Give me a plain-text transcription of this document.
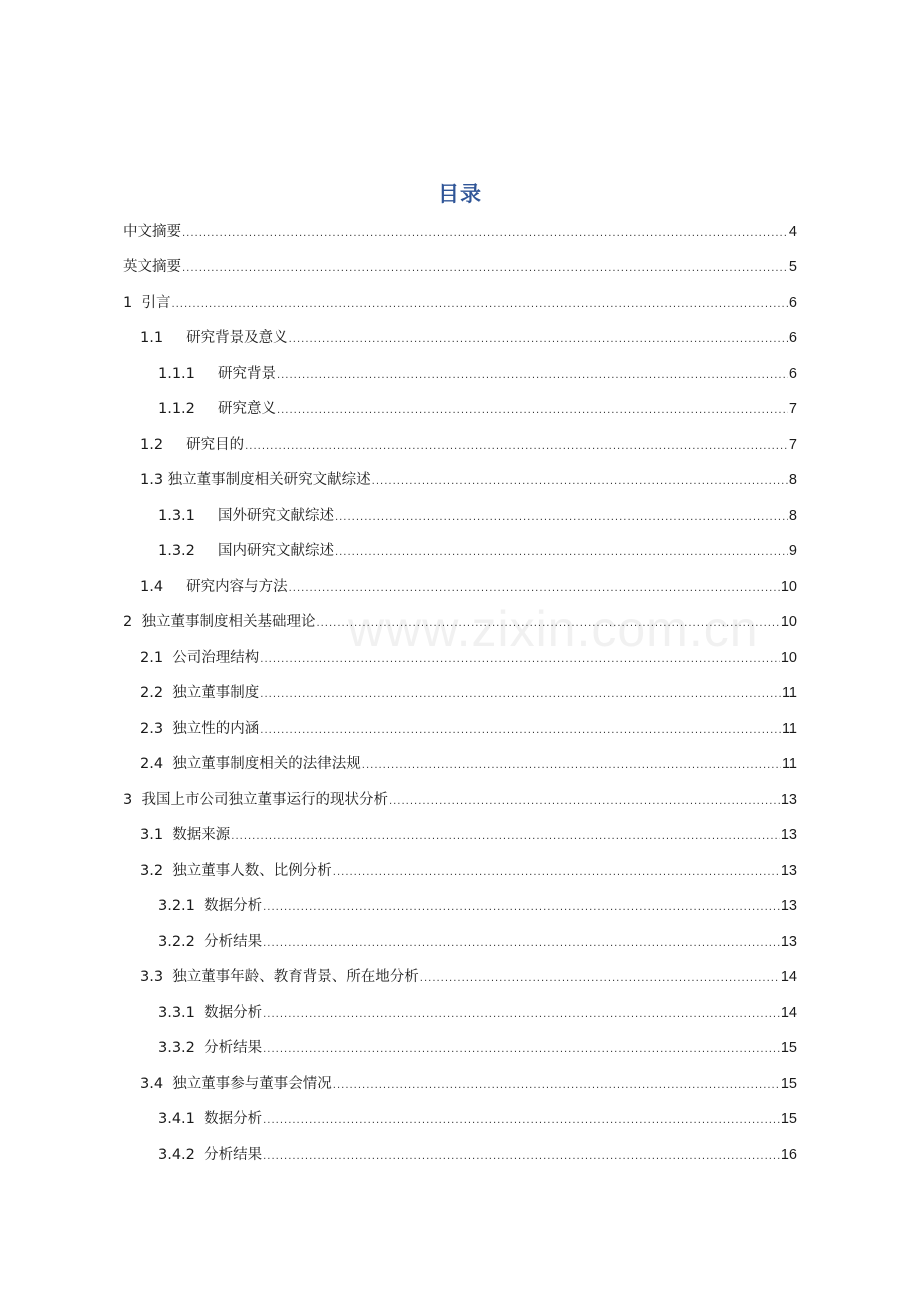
www.zixin.com.cn
目录
中文摘要 .....	4
英文摘要 .....	5
1 引言 .....	6
1.1 研究背景及意义 .....	6
1.1.1 研究背景 .....	6
1.1.2 研究意义 .....	7
1.2 研究目的 .....	7
1.3 独立董事制度相关研究文献综述 .....	8
1.3.1 国外研究文献综述 .....	8
1.3.2 国内研究文献综述 .....	9
1.4 研究内容与方法 .....	10
2 独立董事制度相关基础理论 .....	10
2.1 公司治理结构 .....	10
2.2 独立董事制度 .....	11
2.3 独立性的内涵 .....	11
2.4 独立董事制度相关的法律法规 .....	11
3 我国上市公司独立董事运行的现状分析 .....	13
3.1 数据来源 .....	13
3.2 独立董事人数、比例分析 .....	13
3.2.1 数据分析 .....	13
3.2.2 分析结果 .....	13
3.3 独立董事年龄、教育背景、所在地分析 .....	14
3.3.1 数据分析 .....	14
3.3.2 分析结果 .....	15
3.4 独立董事参与董事会情况 .....	15
3.4.1 数据分析 .....	15
3.4.2 分析结果 .....	16
